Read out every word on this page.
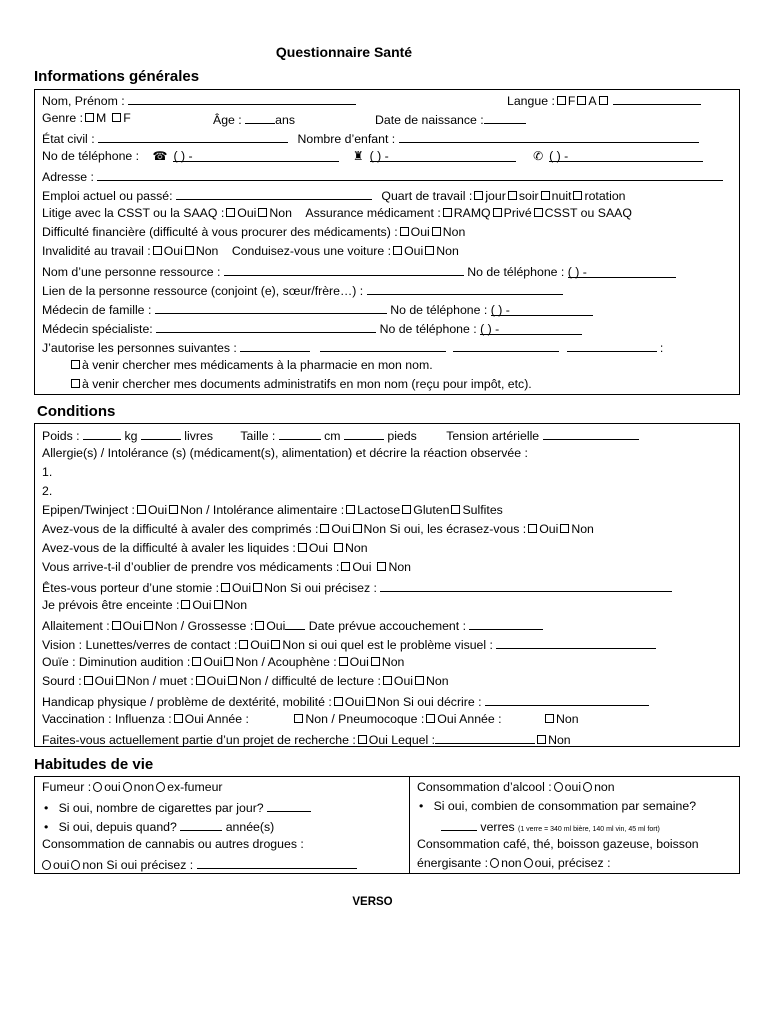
Questionnaire Santé
Informations générales
Nom, Prénom :	Langue : F A
Genre : M F	Âge :	ans	Date de naissance :
État civil :	Nombre d’enfant :
No de téléphone : ☎ ( ) -	♜ ( ) -	✆ ( ) -
Adresse :
Emploi actuel ou passé:	Quart de travail : jour soir nuit rotation
Litige avec la CSST ou la SAAQ : Oui Non Assurance médicament : RAMQ Privé CSST ou SAAQ
Difficulté financière (difficulté à vous procurer des médicaments) : Oui Non
Invalidité au travail : Oui Non Conduisez-vous une voiture : Oui Non
Nom d’une personne ressource :	No de téléphone : ( ) -
Lien de la personne ressource (conjoint (e), sœur/frère…) :
Médecin de famille :	No de téléphone : ( ) -
Médecin spécialiste:	No de téléphone : ( ) -
J’autorise les personnes suivantes :	:
à venir chercher mes médicaments à la pharmacie en mon nom.
à venir chercher mes documents administratifs en mon nom (reçu pour impôt, etc).
Conditions
Poids :	kg	livres Taille :	cm	pieds Tension artérielle
Allergie(s) / Intolérance (s) (médicament(s), alimentation) et décrire la réaction observée :
1.
2.
Epipen/Twinject : Oui Non / Intolérance alimentaire : Lactose Gluten Sulfites
Avez-vous de la difficulté à avaler des comprimés : Oui Non Si oui, les écrasez-vous : Oui Non
Avez-vous de la difficulté à avaler les liquides : Oui Non
Vous arrive-t-il d’oublier de prendre vos médicaments : Oui Non
Êtes-vous porteur d’une stomie : Oui Non Si oui précisez :
Je prévois être enceinte : Oui Non
Allaitement : Oui Non / Grossesse : Oui Date prévue accouchement :
Vision : Lunettes/verres de contact : Oui Non si oui quel est le problème visuel :
Ouïe : Diminution audition : Oui Non / Acouphène : Oui Non
Sourd : Oui Non / muet : Oui Non / difficulté de lecture : Oui Non
Handicap physique / problème de dextérité, mobilité : Oui Non Si oui décrire :
Vaccination : Influenza : Oui Année :	Non / Pneumocoque : Oui Année :	Non
Faites-vous actuellement partie d’un projet de recherche : Oui Lequel :	Non
Habitudes de vie
Fumeur : oui non ex-fumeur
• Si oui, nombre de cigarettes par jour?
• Si oui, depuis quand?	année(s)
Consommation de cannabis ou autres drogues :
oui non Si oui précisez :
Consommation d’alcool : oui non
• Si oui, combien de consommation par semaine?
verres (1 verre = 340 ml bière, 140 ml vin, 45 ml fort)
Consommation café, thé, boisson gazeuse, boisson
énergisante : non oui, précisez :
VERSO
